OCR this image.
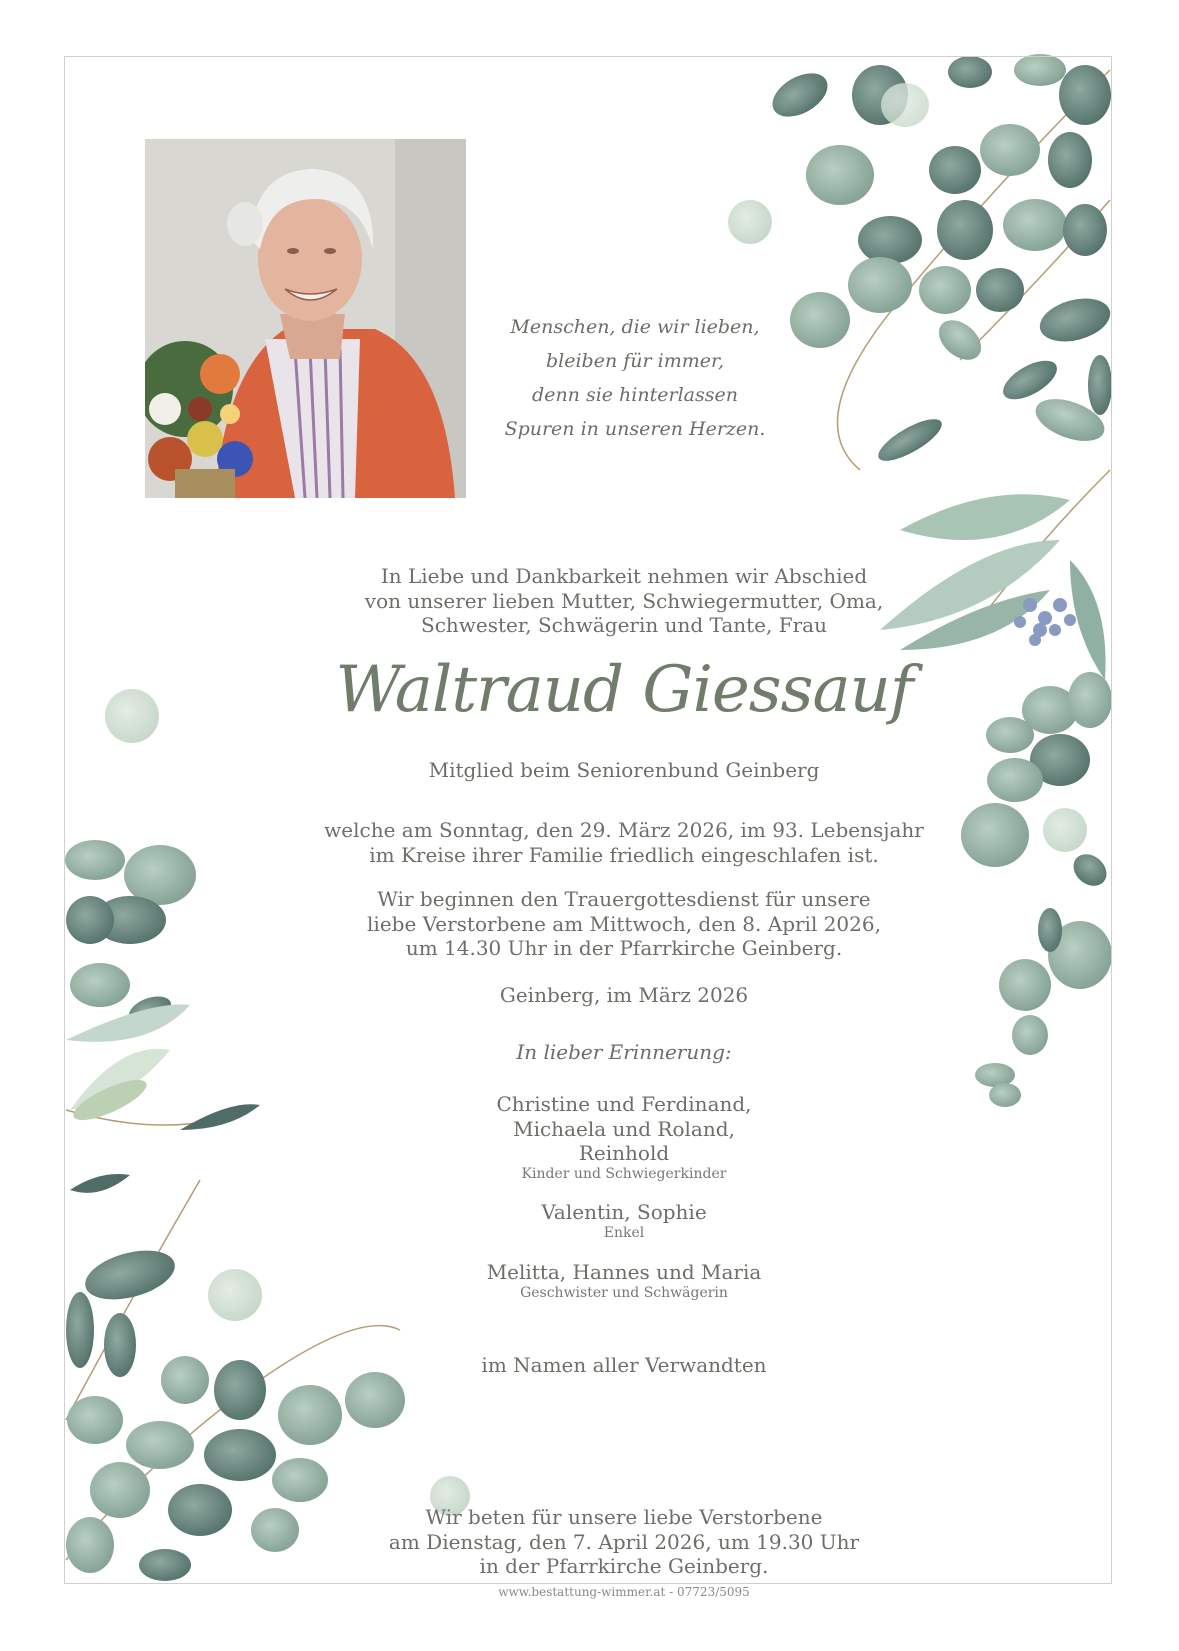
Menschen, die wir lieben,
bleiben für immer,
denn sie hinterlassen
Spuren in unseren Herzen.
In Liebe und Dankbarkeit nehmen wir Abschied
von unserer lieben Mutter, Schwiegermutter, Oma,
Schwester, Schwägerin und Tante, Frau
Waltraud Giessauf
Mitglied beim Seniorenbund Geinberg
welche am Sonntag, den 29. März 2026, im 93. Lebensjahr
im Kreise ihrer Familie friedlich eingeschlafen ist.
Wir beginnen den Trauergottesdienst für unsere
liebe Verstorbene am Mittwoch, den 8. April 2026,
um 14.30 Uhr in der Pfarrkirche Geinberg.
Geinberg, im März 2026
In lieber Erinnerung:
Christine und Ferdinand,
Michaela und Roland,
Reinhold
Kinder und Schwiegerkinder
Valentin, Sophie
Enkel
Melitta, Hannes und Maria
Geschwister und Schwägerin
im Namen aller Verwandten
Wir beten für unsere liebe Verstorbene
am Dienstag, den 7. April 2026, um 19.30 Uhr
in der Pfarrkirche Geinberg.
www.bestattung-wimmer.at - 07723/5095
